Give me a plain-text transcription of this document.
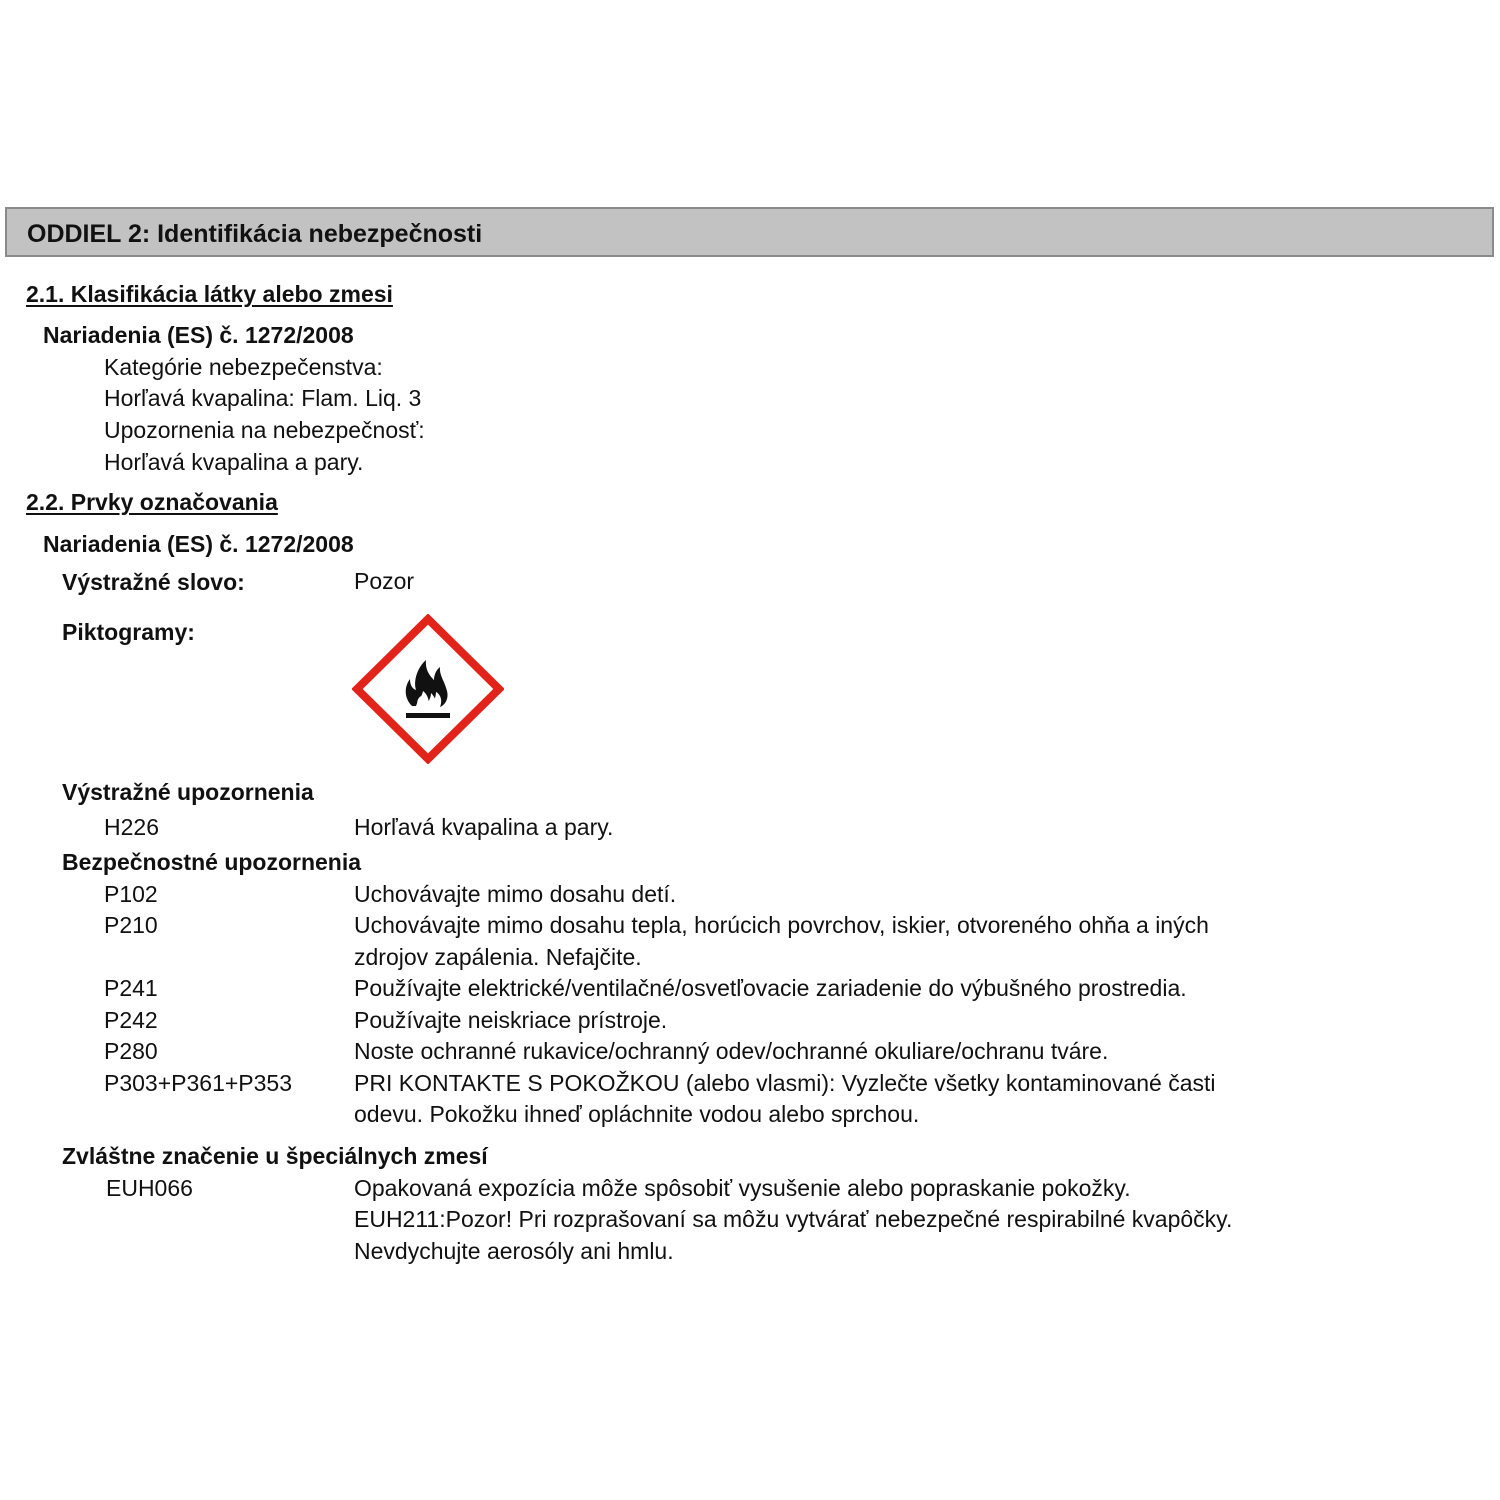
ODDIEL 2: Identifikácia nebezpečnosti
2.1. Klasifikácia látky alebo zmesi
Nariadenia (ES) č. 1272/2008
Kategórie nebezpečenstva:
Horľavá kvapalina: Flam. Liq. 3
Upozornenia na nebezpečnosť:
Horľavá kvapalina a pary.
2.2. Prvky označovania
Nariadenia (ES) č. 1272/2008
Výstražné slovo:	Pozor
Piktogramy:
Výstražné upozornenia
H226	Horľavá kvapalina a pary.
Bezpečnostné upozornenia
P102	Uchovávajte mimo dosahu detí.
P210	Uchovávajte mimo dosahu tepla, horúcich povrchov, iskier, otvoreného ohňa a iných
zdrojov zapálenia. Nefajčite.
P241	Používajte elektrické/ventilačné/osvetľovacie zariadenie do výbušného prostredia.
P242	Používajte neiskriace prístroje.
P280	Noste ochranné rukavice/ochranný odev/ochranné okuliare/ochranu tváre.
P303+P361+P353	PRI KONTAKTE S POKOŽKOU (alebo vlasmi): Vyzlečte všetky kontaminované časti
odevu. Pokožku ihneď opláchnite vodou alebo sprchou.
Zvláštne značenie u špeciálnych zmesí
EUH066	Opakovaná expozícia môže spôsobiť vysušenie alebo popraskanie pokožky.
EUH211:Pozor! Pri rozprašovaní sa môžu vytvárať nebezpečné respirabilné kvapôčky.
Nevdychujte aerosóly ani hmlu.
